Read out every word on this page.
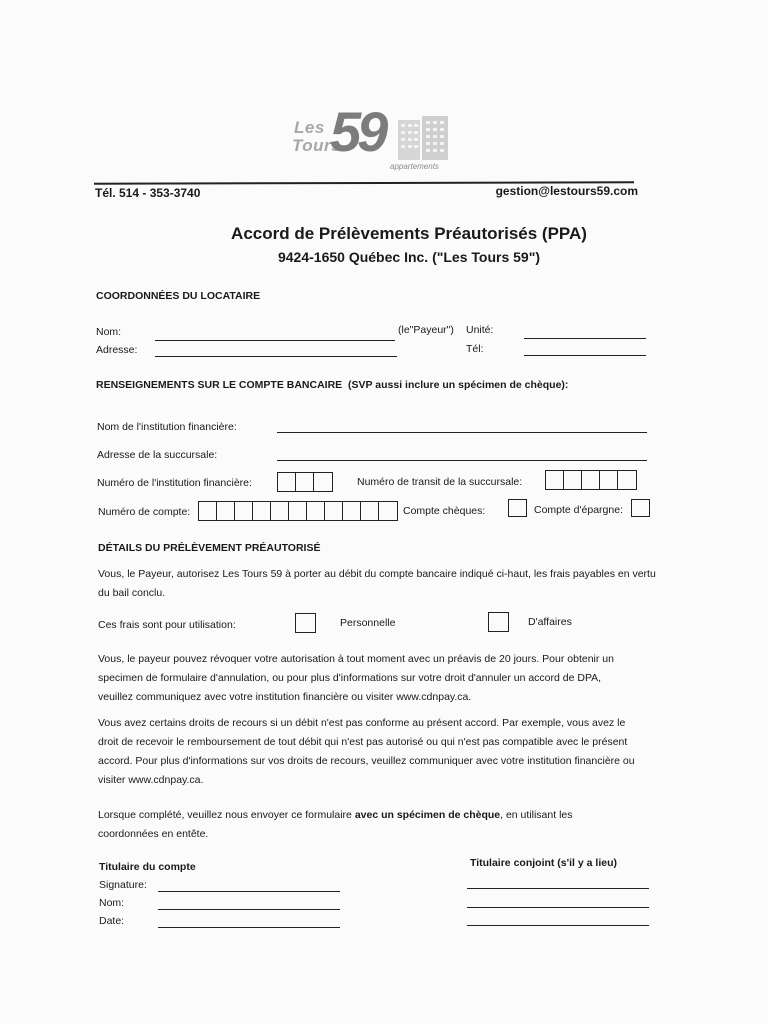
Les
Tours
59
appartements
Tél. 514 - 353-3740	gestion@lestours59.com
Accord de Prélèvements Préautorisés (PPA)
9424-1650 Québec Inc. ("Les Tours 59")
COORDONNÉES DU LOCATAIRE
Nom:	(le"Payeur") Unité:
Adresse:	Tél:
RENSEIGNEMENTS SUR LE COMPTE BANCAIRE (SVP aussi inclure un spécimen de chèque):
Nom de l'institution financière:
Adresse de la succursale:
Numéro de l'institution financière:	Numéro de transit de la succursale:
Numéro de compte:	Compte chèques:	Compte d'épargne:
DÉTAILS DU PRÉLÈVEMENT PRÉAUTORISÉ
Vous, le Payeur, autorisez Les Tours 59 à porter au débit du compte bancaire indiqué ci-haut, les frais payables en vertu du bail conclu.
Ces frais sont pour utilisation:	Personnelle	D'affaires
Vous, le payeur pouvez révoquer votre autorisation à tout moment avec un préavis de 20 jours. Pour obtenir un specimen de formulaire d'annulation, ou pour plus d'informations sur votre droit d'annuler un accord de DPA, veuillez communiquez avec votre institution financière ou visiter www.cdnpay.ca.
Vous avez certains droits de recours si un débit n'est pas conforme au présent accord. Par exemple, vous avez le droit de recevoir le remboursement de tout débit qui n'est pas autorisé ou qui n'est pas compatible avec le présent accord. Pour plus d'informations sur vos droits de recours, veuillez communiquer avec votre institution financière ou visiter www.cdnpay.ca.
Lorsque complété, veuillez nous envoyer ce formulaire avec un spécimen de chèque, en utilisant les coordonnées en entête.
Titulaire du compte	Titulaire conjoint (s'il y a lieu)
Signature:
Nom:
Date:
